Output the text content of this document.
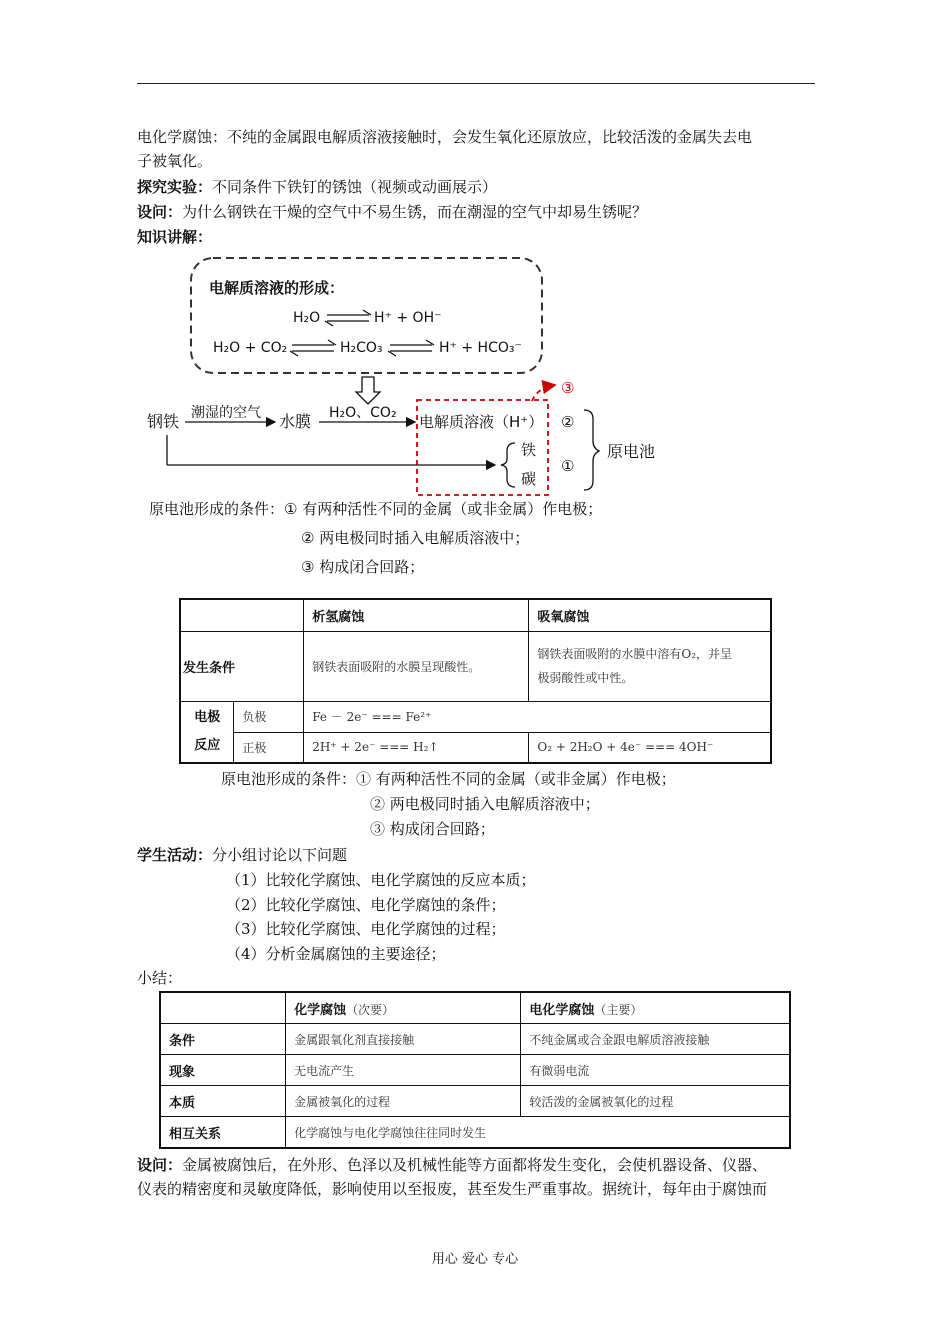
电化学腐蚀：不纯的金属跟电解质溶液接触时，会发生氧化还原放应，比较活泼的金属失去电
子被氧化。

探究实验：不同条件下铁钉的锈蚀（视频或动画展示）

设问：为什么钢铁在干燥的空气中不易生锈，而在潮湿的空气中却易生锈呢？

知识讲解：

电解质溶液的形成：
H₂O	H⁺ + OH⁻
H₂O + CO₂	H₂CO₃	H⁺ + HCO₃⁻
钢铁 潮湿的空气 水膜 H₂O、CO₂ 电解质溶液（H⁺）
③
铁
碳
②
①
原电池
原电池形成的条件：① 有两种活性不同的金属（或非金属）作电极；
② 两电极同时插入电解质溶液中；
③ 构成闭合回路；
		析氢腐蚀	吸氧腐蚀
发生条件		钢铁表面吸附的水膜呈现酸性。	钢铁表面吸附的水膜中溶有O₂，并呈
极弱酸性或中性。
电极
反应	负极	Fe － 2e⁻ === Fe²⁺	
	正极	2H⁺ + 2e⁻ === H₂↑	O₂ + 2H₂O + 4e⁻ === 4OH⁻
原电池形成的条件：① 有两种活性不同的金属（或非金属）作电极；
② 两电极同时插入电解质溶液中；
③ 构成闭合回路；

学生活动：分小组讨论以下问题

（1）比较化学腐蚀、电化学腐蚀的反应本质；

（2）比较化学腐蚀、电化学腐蚀的条件；

（3）比较化学腐蚀、电化学腐蚀的过程；

（4）分析金属腐蚀的主要途径；

小结：

	化学腐蚀（次要）	电化学腐蚀（主要）
条件	金属跟氧化剂直接接触	不纯金属或合金跟电解质溶液接触
现象	无电流产生	有微弱电流
本质	金属被氧化的过程	较活泼的金属被氧化的过程
相互关系	化学腐蚀与电化学腐蚀往往同时发生	

设问：金属被腐蚀后，在外形、色泽以及机械性能等方面都将发生变化，会使机器设备、仪器、
仪表的精密度和灵敏度降低，影响使用以至报废，甚至发生严重事故。据统计，每年由于腐蚀而

用心 爱心 专心
